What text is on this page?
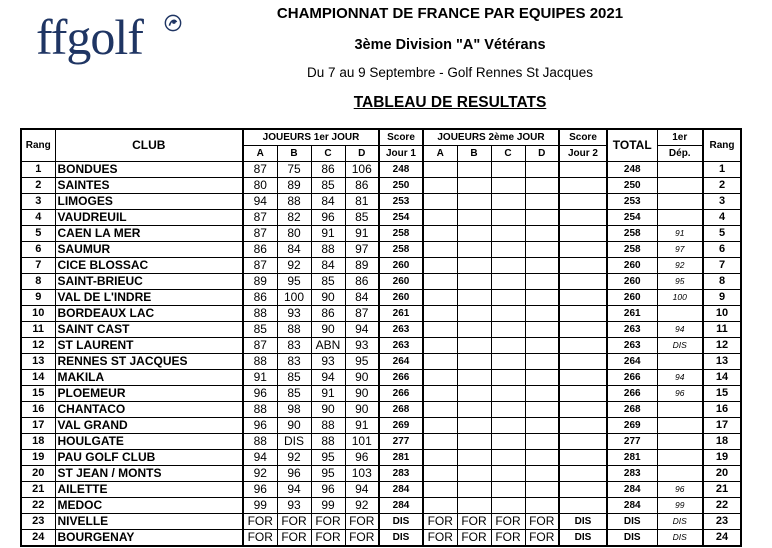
ffgolf	CHAMPIONNAT DE FRANCE PAR EQUIPES 2021
3ème Division "A" Vétérans
Du 7 au 9 Septembre - Golf Rennes St Jacques
TABLEAU DE RESULTATS
Rang	CLUB	JOUEURS 1er JOUR				Score	JOUEURS 2ème JOUR				Score	TOTAL	1er	Rang
		A	B	C	D	Jour 1	A	B	C	D	Jour 2		Dép.	
1	BONDUES	87	75	86	106	248						248		1
2	SAINTES	80	89	85	86	250						250		2
3	LIMOGES	94	88	84	81	253						253		3
4	VAUDREUIL	87	82	96	85	254						254		4
5	CAEN LA MER	87	80	91	91	258						258	91	5
6	SAUMUR	86	84	88	97	258						258	97	6
7	CICE BLOSSAC	87	92	84	89	260						260	92	7
8	SAINT-BRIEUC	89	95	85	86	260						260	95	8
9	VAL DE L'INDRE	86	100	90	84	260						260	100	9
10	BORDEAUX LAC	88	93	86	87	261						261		10
11	SAINT CAST	85	88	90	94	263						263	94	11
12	ST LAURENT	87	83	ABN	93	263						263	DIS	12
13	RENNES ST JACQUES	88	83	93	95	264						264		13
14	MAKILA	91	85	94	90	266						266	94	14
15	PLOEMEUR	96	85	91	90	266						266	96	15
16	CHANTACO	88	98	90	90	268						268		16
17	VAL GRAND	96	90	88	91	269						269		17
18	HOULGATE	88	DIS	88	101	277						277		18
19	PAU GOLF CLUB	94	92	95	96	281						281		19
20	ST JEAN / MONTS	92	96	95	103	283						283		20
21	AILETTE	96	94	96	94	284						284	96	21
22	MEDOC	99	93	99	92	284						284	99	22
23	NIVELLE	FOR	FOR	FOR	FOR	DIS	FOR	FOR	FOR	FOR	DIS	DIS	DIS	23
24	BOURGENAY	FOR	FOR	FOR	FOR	DIS	FOR	FOR	FOR	FOR	DIS	DIS	DIS	24
